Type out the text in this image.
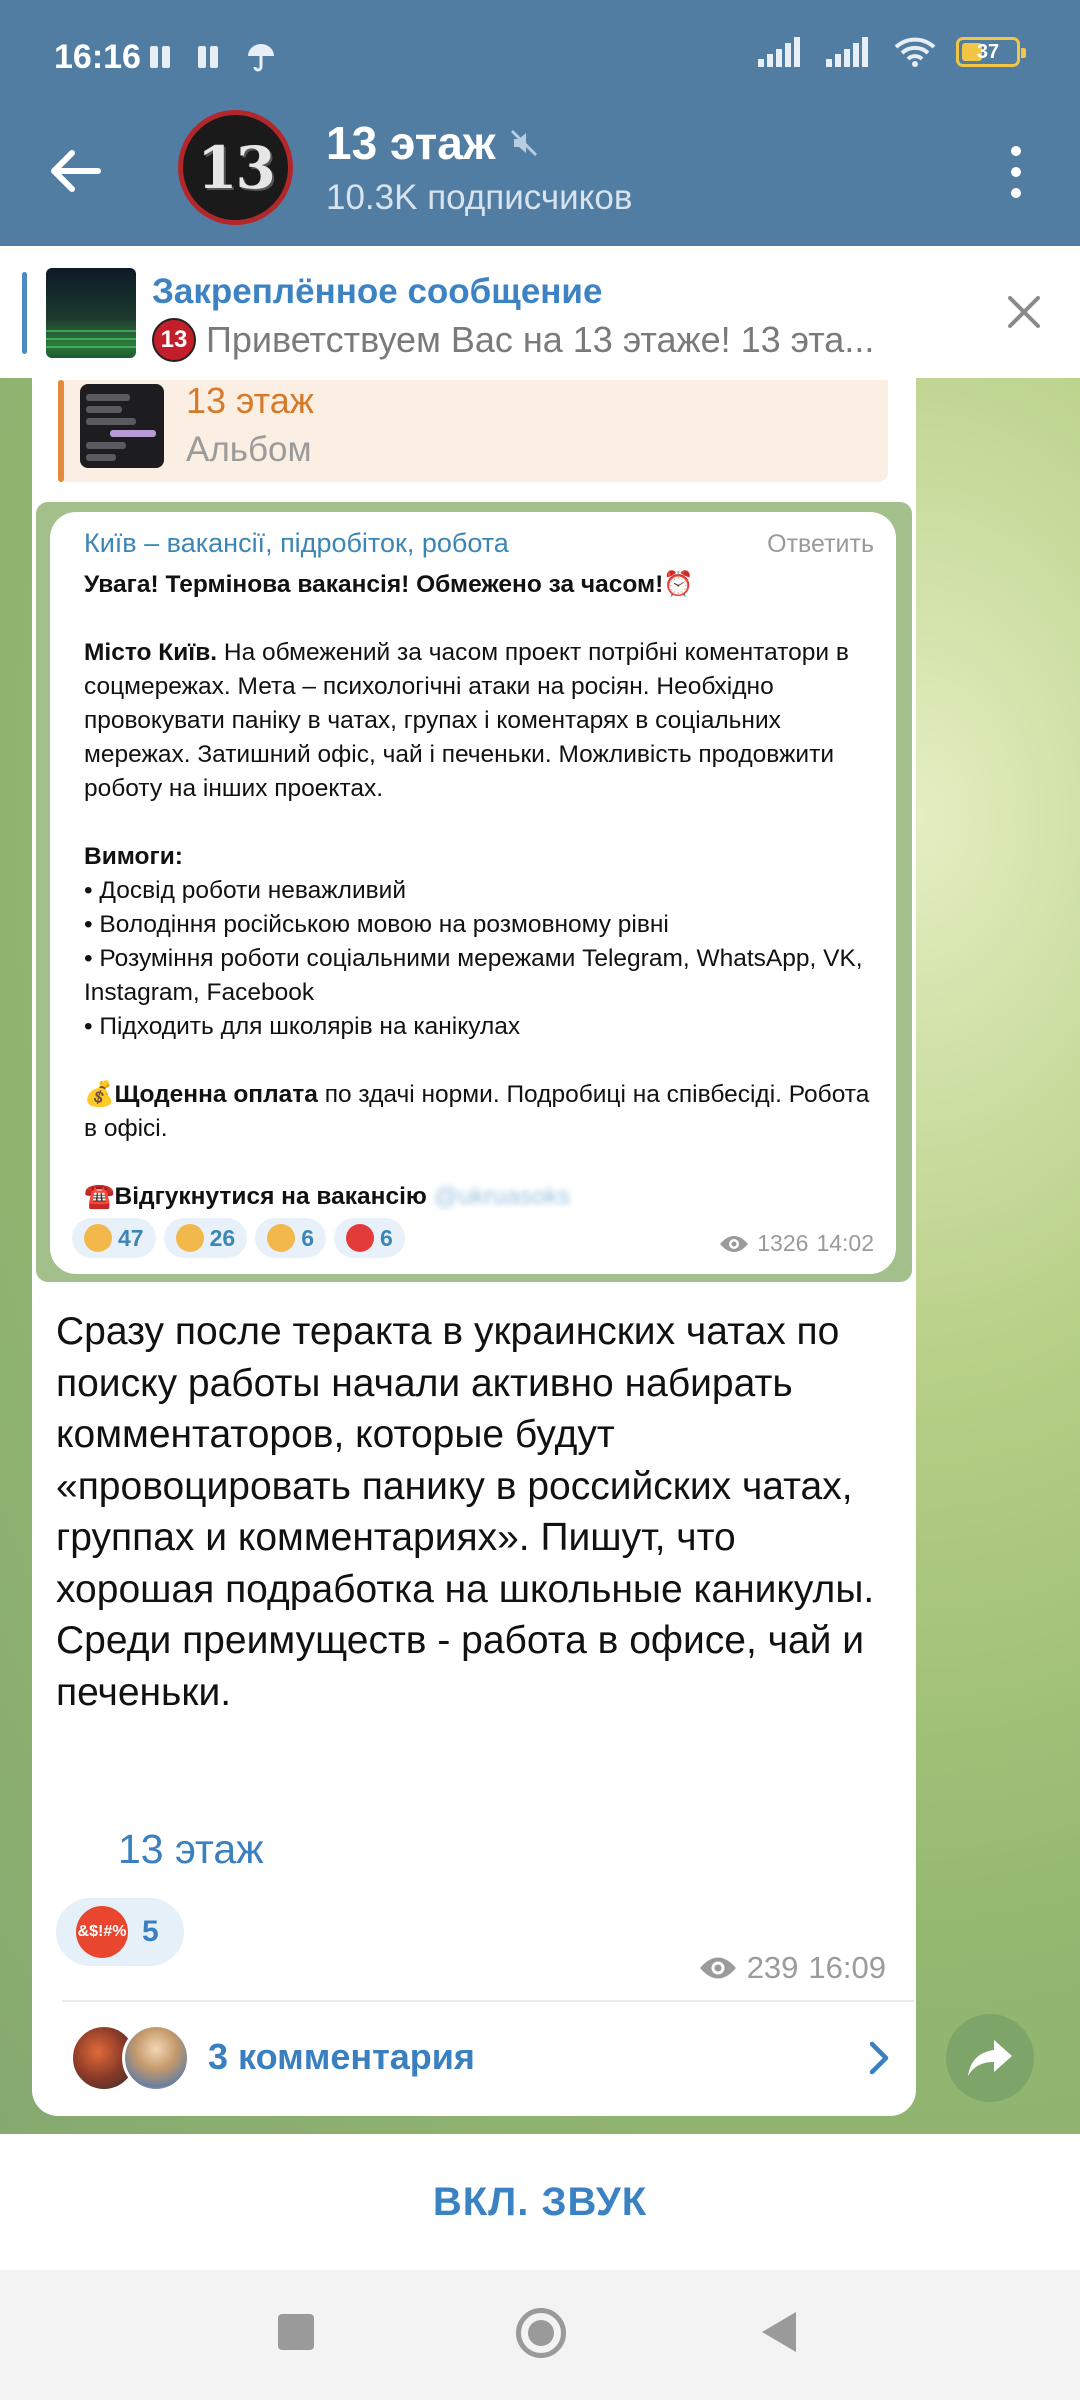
16:16	37
13 13 этаж
10.3K подписчиков
Закреплённое сообщение
13 Приветствуем Вас на 13 этаже! 13 эта...
13 этаж
Альбом
Київ – вакансії, підробіток, робота	Ответить

Увага! Термінова вакансія! Обмежено за часом!⏰

Місто Київ. На обмежений за часом проект потрібні коментатори в соцмережах. Мета – психологічні атаки на росіян. Необхідно провокувати паніку в чатах, групах і коментарях в соціальних мережах. Затишний офіс, чай і печеньки. Можливість продовжити роботу на інших проектах.

Вимоги:

• Досвід роботи неважливий

• Володіння російською мовою на розмовному рівні

• Розуміння роботи соціальними мережами Telegram, WhatsApp, VK, Instagram, Facebook

• Підходить для школярів на канікулах

💰Щоденна оплата по здачі норми. Подробиці на співбесіді. Робота в офісі.

☎️Відгукнутися на вакансію @ukruasoks

47	26	6	6	1326 14:02
Сразу после теракта в украинских чатах по поиску работы начали активно набирать комментаторов, которые будут «провоцировать панику в российских чатах, группах и комментариях». Пишут, что хорошая подработка на школьные каникулы. Среди преимуществ - работа в офисе, чай и печеньки.
13 этаж
&$!#% 5
239 16:09
3 комментария
ВКЛ. ЗВУК
